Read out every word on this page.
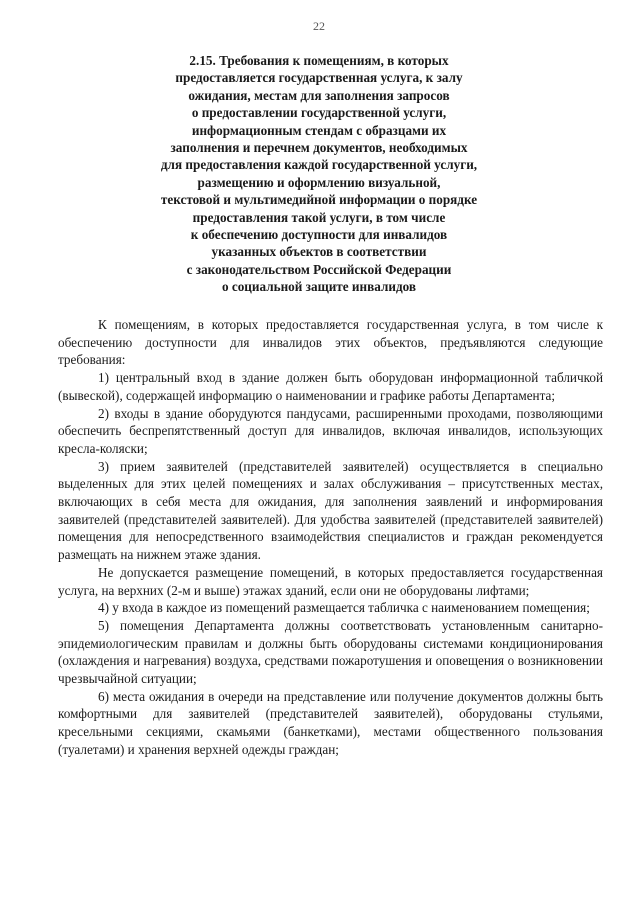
22
2.15. Требования к помещениям, в которых
предоставляется государственная услуга, к залу
ожидания, местам для заполнения запросов
о предоставлении государственной услуги,
информационным стендам с образцами их
заполнения и перечнем документов, необходимых
для предоставления каждой государственной услуги,
размещению и оформлению визуальной,
текстовой и мультимедийной информации о порядке
предоставления такой услуги, в том числе
к обеспечению доступности для инвалидов
указанных объектов в соответствии
с законодательством Российской Федерации
о социальной защите инвалидов

К помещениям, в которых предоставляется государственная услуга, в том числе к обеспечению доступности для инвалидов этих объектов, предъявляются следующие требования:

1) центральный вход в здание должен быть оборудован информационной табличкой (вывеской), содержащей информацию о наименовании и графике работы Департамента;

2) входы в здание оборудуются пандусами, расширенными проходами, позволяющими обеспечить беспрепятственный доступ для инвалидов, включая инвалидов, использующих кресла-коляски;

3) прием заявителей (представителей заявителей) осуществляется в специально выделенных для этих целей помещениях и залах обслуживания – присутственных местах, включающих в себя места для ожидания, для заполнения заявлений и информирования заявителей (представителей заявителей). Для удобства заявителей (представителей заявителей) помещения для непосредственного взаимодействия специалистов и граждан рекомендуется размещать на нижнем этаже здания.

Не допускается размещение помещений, в которых предоставляется государственная услуга, на верхних (2-м и выше) этажах зданий, если они не оборудованы лифтами;

4) у входа в каждое из помещений размещается табличка с наименованием помещения;

5) помещения Департамента должны соответствовать установленным санитарно-эпидемиологическим правилам и должны быть оборудованы системами кондиционирования (охлаждения и нагревания) воздуха, средствами пожаротушения и оповещения о возникновении чрезвычайной ситуации;

6) места ожидания в очереди на представление или получение документов должны быть комфортными для заявителей (представителей заявителей), оборудованы стульями, кресельными секциями, скамьями (банкетками), местами общественного пользования (туалетами) и хранения верхней одежды граждан;
